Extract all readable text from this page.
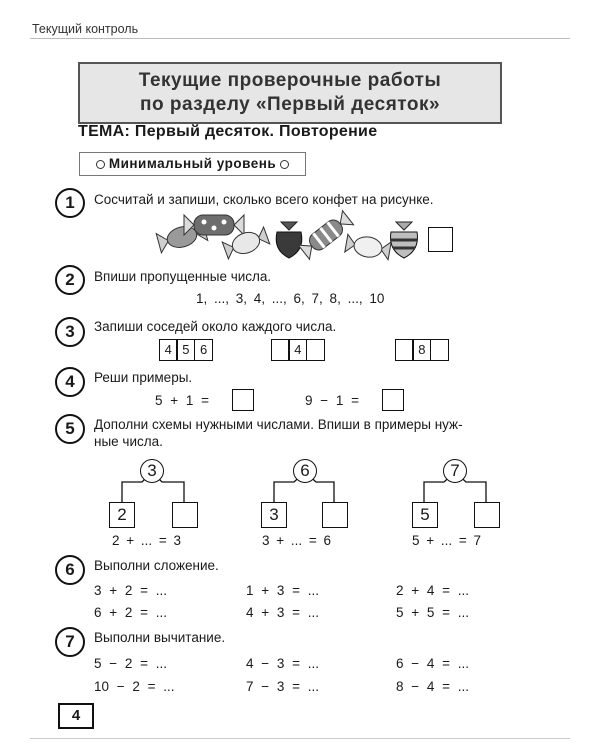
Текущий контроль
Текущие проверочные работы
по разделу «Первый десяток»
ТЕМА: Первый десяток. Повторение
Минимальный уровень
1	Сосчитай и запиши, сколько всего конфет на рисунке.
2	Впиши пропущенные числа.
1, ..., 3, 4, ..., 6, 7, 8, ..., 10
3	Запиши соседей около каждого числа.
4 5 6	4	8
4	Реши примеры.
5 + 1 =	9 − 1 =
5	Дополни схемы нужными числами. Впиши в примеры нуж-
ные числа.
3
2
2 + ... = 3
6
3
3 + ... = 6
7
5
5 + ... = 7
6	Выполни сложение.
3 + 2 = ...	1 + 3 = ...	2 + 4 = ...
6 + 2 = ...	4 + 3 = ...	5 + 5 = ...
7	Выполни вычитание.
5 − 2 = ...	4 − 3 = ...	6 − 4 = ...
10 − 2 = ...	7 − 3 = ...	8 − 4 = ...
4
